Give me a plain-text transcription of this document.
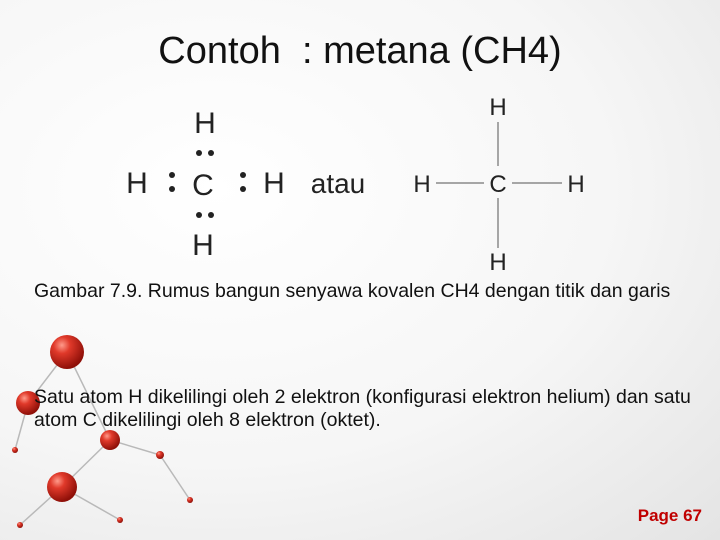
Contoh  : metana (CH4)
H
H C H
H
atau
H
H C	H
H
Gambar 7.9. Rumus bangun senyawa kovalen CH4 dengan titik dan garis
Satu atom H dikelilingi oleh 2 elektron (konfigurasi elektron helium) dan satu atom C dikelilingi oleh 8 elektron (oktet).
Page 67
